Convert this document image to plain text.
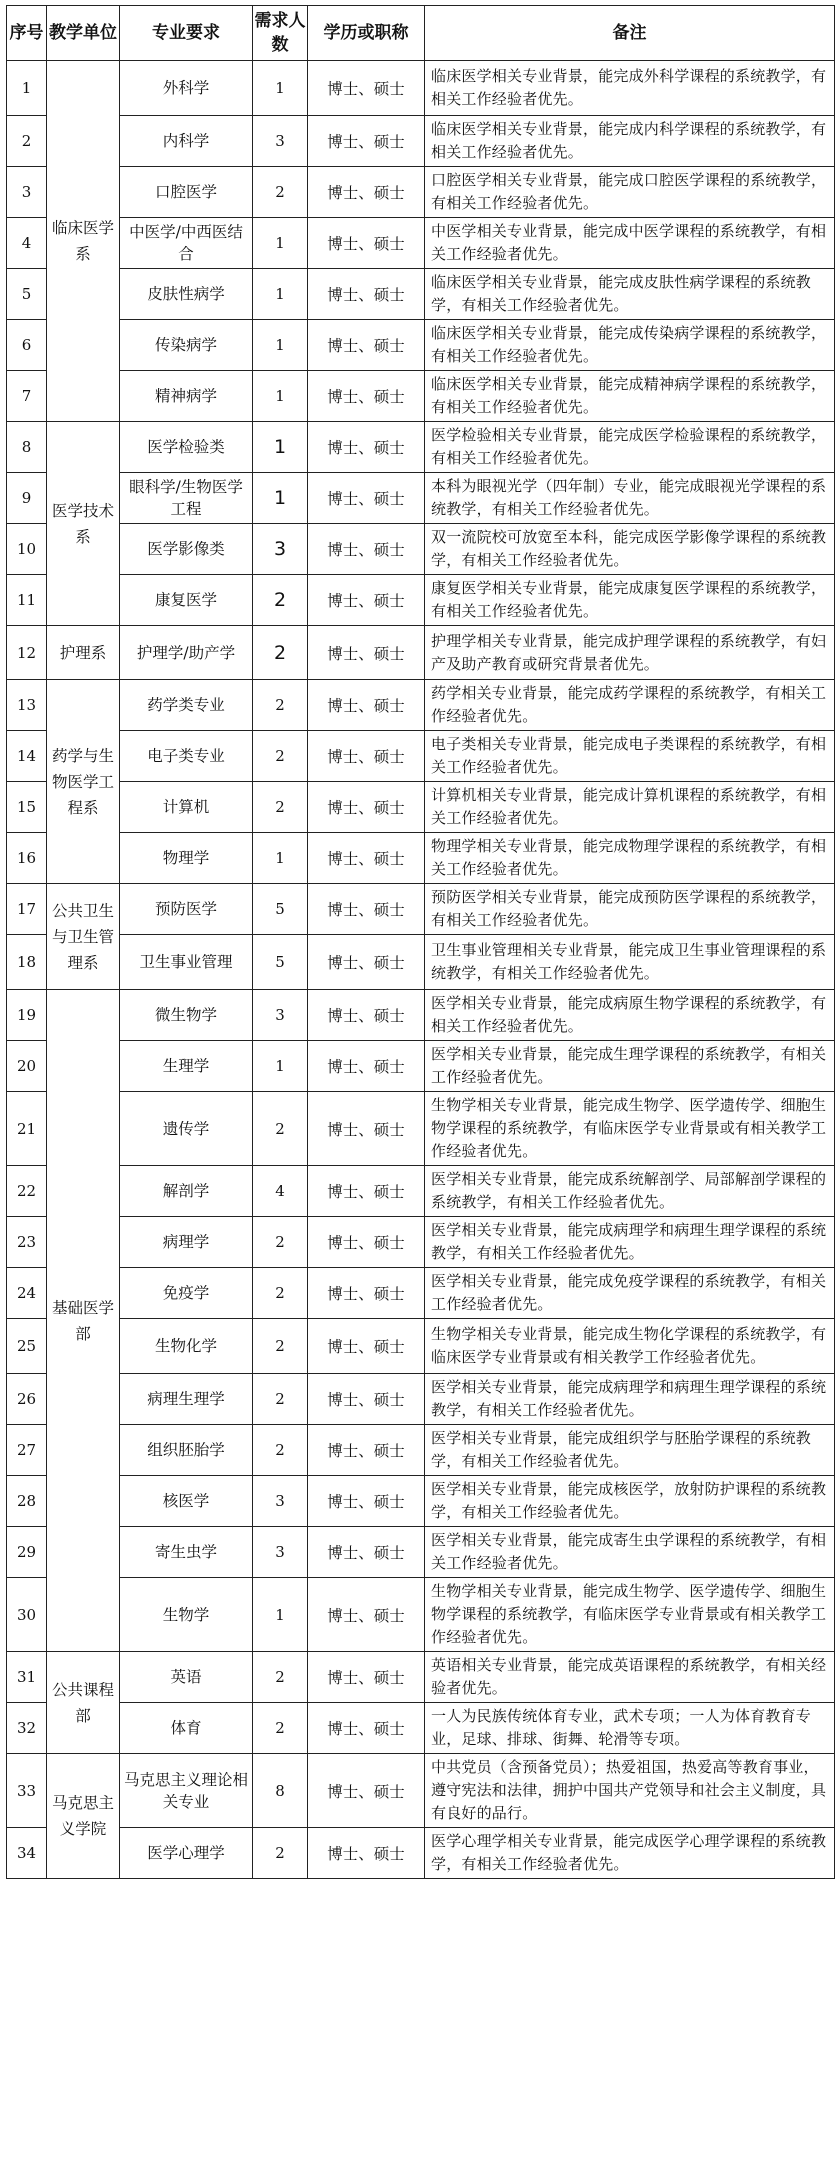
序号	教学单位	专业要求	需求人数	学历或职称	备注
1	临床医学系	外科学	1	博士、硕士	临床医学相关专业背景，能完成外科学课程的系统教学，有相关工作经验者优先。
2		内科学	3	博士、硕士	临床医学相关专业背景，能完成内科学课程的系统教学，有相关工作经验者优先。
3		口腔医学	2	博士、硕士	口腔医学相关专业背景，能完成口腔医学课程的系统教学，有相关工作经验者优先。
4		中医学/中西医结合	1	博士、硕士	中医学相关专业背景，能完成中医学课程的系统教学，有相关工作经验者优先。
5		皮肤性病学	1	博士、硕士	临床医学相关专业背景，能完成皮肤性病学课程的系统教学，有相关工作经验者优先。
6		传染病学	1	博士、硕士	临床医学相关专业背景，能完成传染病学课程的系统教学，有相关工作经验者优先。
7		精神病学	1	博士、硕士	临床医学相关专业背景，能完成精神病学课程的系统教学，有相关工作经验者优先。
8	医学技术系	医学检验类	1	博士、硕士	医学检验相关专业背景，能完成医学检验课程的系统教学，有相关工作经验者优先。
9		眼科学/生物医学工程	1	博士、硕士	本科为眼视光学（四年制）专业，能完成眼视光学课程的系统教学，有相关工作经验者优先。
10		医学影像类	3	博士、硕士	双一流院校可放宽至本科，能完成医学影像学课程的系统教学，有相关工作经验者优先。
11		康复医学	2	博士、硕士	康复医学相关专业背景，能完成康复医学课程的系统教学，有相关工作经验者优先。
12	护理系	护理学/助产学	2	博士、硕士	护理学相关专业背景，能完成护理学课程的系统教学，有妇产及助产教育或研究背景者优先。
13	药学与生物医学工程系	药学类专业	2	博士、硕士	药学相关专业背景，能完成药学课程的系统教学，有相关工作经验者优先。
14		电子类专业	2	博士、硕士	电子类相关专业背景，能完成电子类课程的系统教学，有相关工作经验者优先。
15		计算机	2	博士、硕士	计算机相关专业背景，能完成计算机课程的系统教学，有相关工作经验者优先。
16		物理学	1	博士、硕士	物理学相关专业背景，能完成物理学课程的系统教学，有相关工作经验者优先。
17	公共卫生与卫生管理系	预防医学	5	博士、硕士	预防医学相关专业背景，能完成预防医学课程的系统教学，有相关工作经验者优先。
18		卫生事业管理	5	博士、硕士	卫生事业管理相关专业背景，能完成卫生事业管理课程的系统教学，有相关工作经验者优先。
19	基础医学部	微生物学	3	博士、硕士	医学相关专业背景，能完成病原生物学课程的系统教学，有相关工作经验者优先。
20		生理学	1	博士、硕士	医学相关专业背景，能完成生理学课程的系统教学，有相关工作经验者优先。
21		遗传学	2	博士、硕士	生物学相关专业背景，能完成生物学、医学遗传学、细胞生物学课程的系统教学，有临床医学专业背景或有相关教学工作经验者优先。
22		解剖学	4	博士、硕士	医学相关专业背景，能完成系统解剖学、局部解剖学课程的系统教学，有相关工作经验者优先。
23		病理学	2	博士、硕士	医学相关专业背景，能完成病理学和病理生理学课程的系统教学，有相关工作经验者优先。
24		免疫学	2	博士、硕士	医学相关专业背景，能完成免疫学课程的系统教学，有相关工作经验者优先。
25		生物化学	2	博士、硕士	生物学相关专业背景，能完成生物化学课程的系统教学，有临床医学专业背景或有相关教学工作经验者优先。
26		病理生理学	2	博士、硕士	医学相关专业背景，能完成病理学和病理生理学课程的系统教学，有相关工作经验者优先。
27		组织胚胎学	2	博士、硕士	医学相关专业背景，能完成组织学与胚胎学课程的系统教学，有相关工作经验者优先。
28		核医学	3	博士、硕士	医学相关专业背景，能完成核医学，放射防护课程的系统教学，有相关工作经验者优先。
29		寄生虫学	3	博士、硕士	医学相关专业背景，能完成寄生虫学课程的系统教学，有相关工作经验者优先。
30		生物学	1	博士、硕士	生物学相关专业背景，能完成生物学、医学遗传学、细胞生物学课程的系统教学，有临床医学专业背景或有相关教学工作经验者优先。
31	公共课程部	英语	2	博士、硕士	英语相关专业背景，能完成英语课程的系统教学，有相关经验者优先。
32		体育	2	博士、硕士	一人为民族传统体育专业，武术专项；一人为体育教育专业，足球、排球、街舞、轮滑等专项。
33	马克思主义学院	马克思主义理论相关专业	8	博士、硕士	中共党员（含预备党员）；热爱祖国，热爱高等教育事业，遵守宪法和法律，拥护中国共产党领导和社会主义制度，具有良好的品行。
34		医学心理学	2	博士、硕士	医学心理学相关专业背景，能完成医学心理学课程的系统教学，有相关工作经验者优先。
